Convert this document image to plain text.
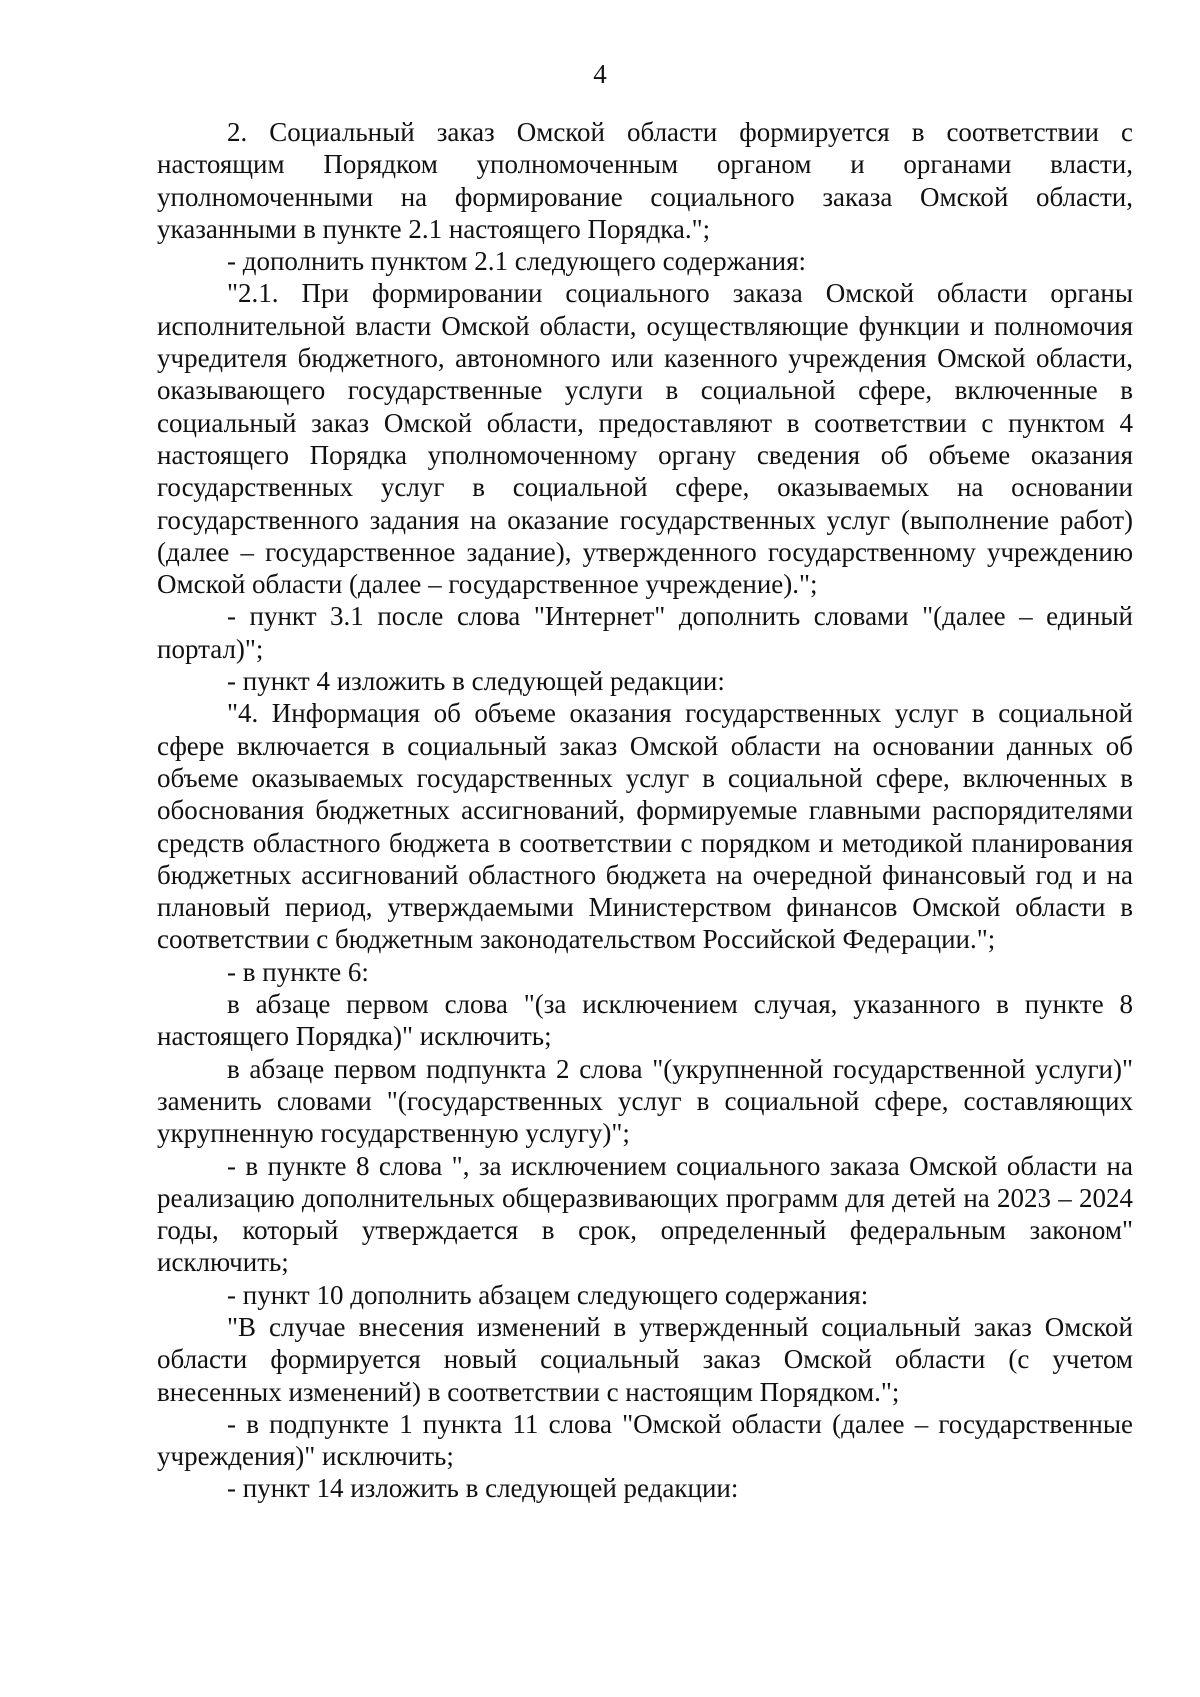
4

2. Социальный заказ Омской области формируется в соответствии с настоящим Порядком уполномоченным органом и органами власти, уполномоченными на формирование социального заказа Омской области, указанными в пункте 2.1 настоящего Порядка.";

- дополнить пунктом 2.1 следующего содержания:

"2.1. При формировании социального заказа Омской области органы исполнительной власти Омской области, осуществляющие функции и полномочия учредителя бюджетного, автономного или казенного учреждения Омской области, оказывающего государственные услуги в социальной сфере, включенные в социальный заказ Омской области, предоставляют в соответствии с пунктом 4 настоящего Порядка уполномоченному органу сведения об объеме оказания государственных услуг в социальной сфере, оказываемых на основании государственного задания на оказание государственных услуг (выполнение работ) (далее – государственное задание), утвержденного государственному учреждению Омской области (далее – государственное учреждение).";

- пункт 3.1 после слова "Интернет" дополнить словами "(далее – единый портал)";

- пункт 4 изложить в следующей редакции:

"4. Информация об объеме оказания государственных услуг в социальной сфере включается в социальный заказ Омской области на основании данных об объеме оказываемых государственных услуг в социальной сфере, включенных в обоснования бюджетных ассигнований, формируемые главными распорядителями средств областного бюджета в соответствии с порядком и методикой планирования бюджетных ассигнований областного бюджета на очередной финансовый год и на плановый период, утверждаемыми Министерством финансов Омской области в соответствии с бюджетным законодательством Российской Федерации.";

- в пункте 6:

в абзаце первом слова "(за исключением случая, указанного в пункте 8 настоящего Порядка)" исключить;

в абзаце первом подпункта 2 слова "(укрупненной государственной услуги)" заменить словами "(государственных услуг в социальной сфере, составляющих укрупненную государственную услугу)";

- в пункте 8 слова ", за исключением социального заказа Омской области на реализацию дополнительных общеразвивающих программ для детей на 2023 – 2024 годы, который утверждается в срок, определенный федеральным законом" исключить;

- пункт 10 дополнить абзацем следующего содержания:

"В случае внесения изменений в утвержденный социальный заказ Омской области формируется новый социальный заказ Омской области (с учетом внесенных изменений) в соответствии с настоящим Порядком.";

- в подпункте 1 пункта 11 слова "Омской области (далее – государственные учреждения)" исключить;

- пункт 14 изложить в следующей редакции:
